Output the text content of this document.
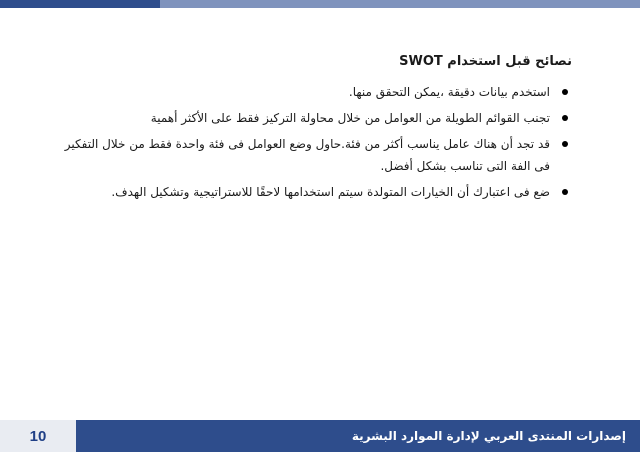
نصائح قبل استخدام SWOT
استخدم بيانات دقيقة ،يمكن التحقق منها.
تجنب القوائم الطويلة من العوامل من خلال محاولة التركيز فقط على الأكثر أهمية
قد تجد أن هناك عامل يناسب أكثر من فئة.حاول وضع العوامل فى فئة واحدة فقط من خلال التفكير فى الفة التى تناسب بشكل أفضل.
ضع فى اعتبارك أن الخيارات المتولدة سيتم استخدامها لاحقًا للاستراتيجية وتشكيل الهدف.
10	إصدارات المنتدى العربي لإدارة الموارد البشرية
